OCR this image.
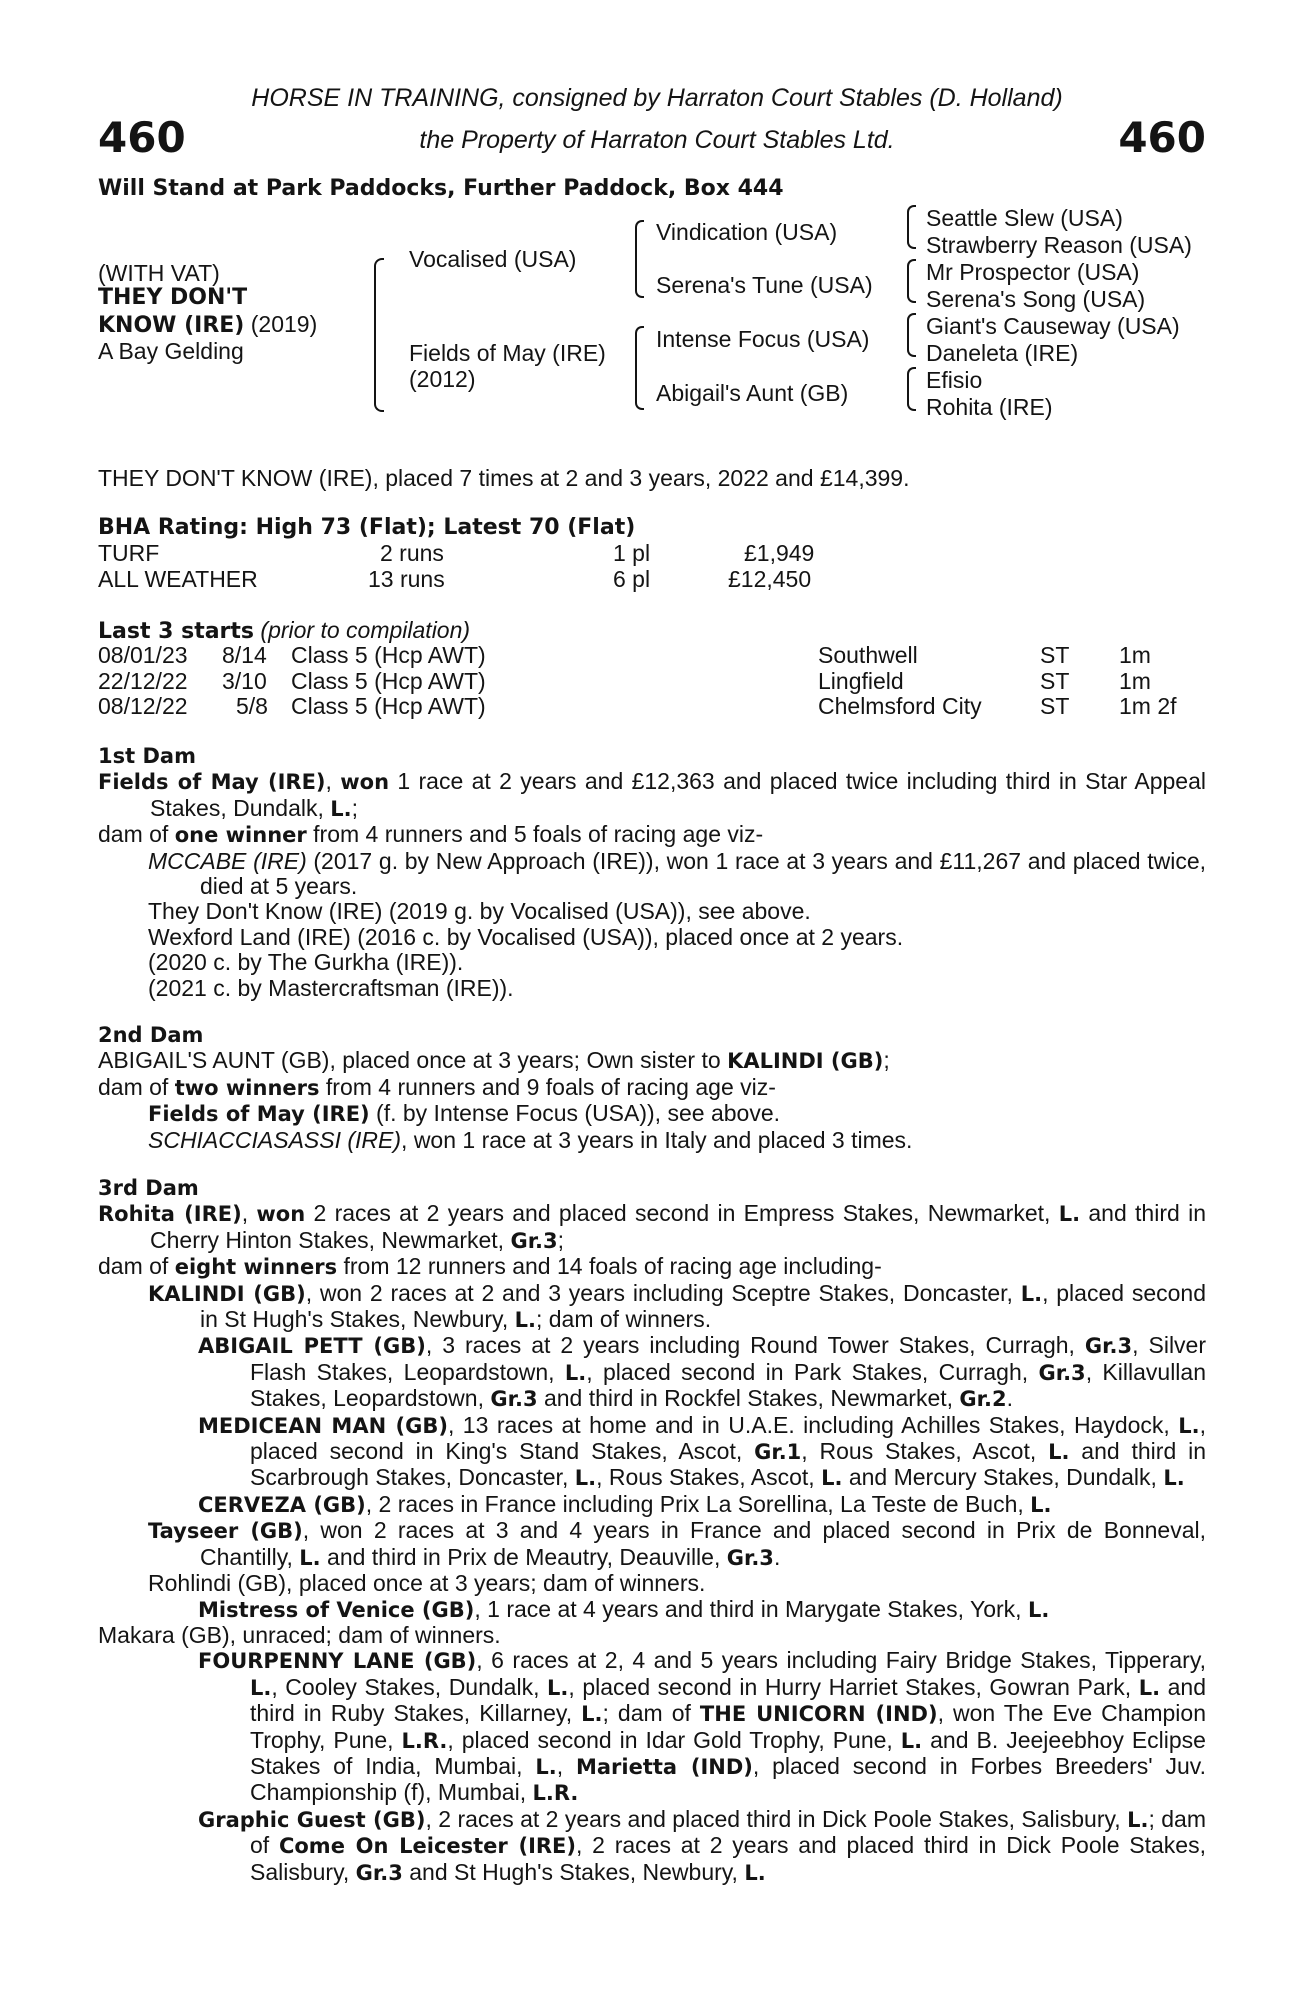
460	460
HORSE IN TRAINING, consigned by Harraton Court Stables (D. Holland)
the Property of Harraton Court Stables Ltd.
Will Stand at Park Paddocks, Further Paddock, Box 444
(WITH VAT)
THEY DON'T
KNOW (IRE) (2019)
A Bay Gelding
Vocalised (USA)
Fields of May (IRE)
(2012)
Vindication (USA)
Serena's Tune (USA)
Intense Focus (USA)
Abigail's Aunt (GB)
Seattle Slew (USA)
Strawberry Reason (USA)
Mr Prospector (USA)
Serena's Song (USA)
Giant's Causeway (USA)
Daneleta (IRE)
Efisio
Rohita (IRE)
THEY DON'T KNOW (IRE), placed 7 times at 2 and 3 years, 2022 and £14,399.
BHA Rating: High 73 (Flat); Latest 70 (Flat)
TURF	2 runs	1 pl	£1,949
ALL WEATHER	13 runs	6 pl	£12,450
Last 3 starts (prior to compilation)
08/01/23 8/14 Class 5 (Hcp AWT)	Southwell	ST 1m
22/12/22 3/10 Class 5 (Hcp AWT)	Lingfield	ST 1m
08/12/22 5/8 Class 5 (Hcp AWT)	Chelmsford City	ST 1m 2f

1st Dam

Fields of May (IRE), won 1 race at 2 years and £12,363 and placed twice including third in Star Appeal Stakes, Dundalk, L.;

dam of one winner from 4 runners and 5 foals of racing age viz-

MCCABE (IRE) (2017 g. by New Approach (IRE)), won 1 race at 3 years and £11,267 and placed twice, died at 5 years.

They Don't Know (IRE) (2019 g. by Vocalised (USA)), see above.

Wexford Land (IRE) (2016 c. by Vocalised (USA)), placed once at 2 years.

(2020 c. by The Gurkha (IRE)).

(2021 c. by Mastercraftsman (IRE)).

2nd Dam

ABIGAIL'S AUNT (GB), placed once at 3 years; Own sister to KALINDI (GB);

dam of two winners from 4 runners and 9 foals of racing age viz-

Fields of May (IRE) (f. by Intense Focus (USA)), see above.

SCHIACCIASASSI (IRE), won 1 race at 3 years in Italy and placed 3 times.

3rd Dam

Rohita (IRE), won 2 races at 2 years and placed second in Empress Stakes, Newmarket, L. and third in Cherry Hinton Stakes, Newmarket, Gr.3;

dam of eight winners from 12 runners and 14 foals of racing age including-

KALINDI (GB), won 2 races at 2 and 3 years including Sceptre Stakes, Doncaster, L., placed second in St Hugh's Stakes, Newbury, L.; dam of winners.

ABIGAIL PETT (GB), 3 races at 2 years including Round Tower Stakes, Curragh, Gr.3, Silver Flash Stakes, Leopardstown, L., placed second in Park Stakes, Curragh, Gr.3, Killavullan Stakes, Leopardstown, Gr.3 and third in Rockfel Stakes, Newmarket, Gr.2.

MEDICEAN MAN (GB), 13 races at home and in U.A.E. including Achilles Stakes, Haydock, L., placed second in King's Stand Stakes, Ascot, Gr.1, Rous Stakes, Ascot, L. and third in Scarbrough Stakes, Doncaster, L., Rous Stakes, Ascot, L. and Mercury Stakes, Dundalk, L.

CERVEZA (GB), 2 races in France including Prix La Sorellina, La Teste de Buch, L.

Tayseer (GB), won 2 races at 3 and 4 years in France and placed second in Prix de Bonneval, Chantilly, L. and third in Prix de Meautry, Deauville, Gr.3.

Rohlindi (GB), placed once at 3 years; dam of winners.

Mistress of Venice (GB), 1 race at 4 years and third in Marygate Stakes, York, L.

Makara (GB), unraced; dam of winners.

FOURPENNY LANE (GB), 6 races at 2, 4 and 5 years including Fairy Bridge Stakes, Tipperary, L., Cooley Stakes, Dundalk, L., placed second in Hurry Harriet Stakes, Gowran Park, L. and third in Ruby Stakes, Killarney, L.; dam of THE UNICORN (IND), won The Eve Champion Trophy, Pune, L.R., placed second in Idar Gold Trophy, Pune, L. and B. Jeejeebhoy Eclipse Stakes of India, Mumbai, L., Marietta (IND), placed second in Forbes Breeders' Juv. Championship (f), Mumbai, L.R.

Graphic Guest (GB), 2 races at 2 years and placed third in Dick Poole Stakes, Salisbury, L.; dam of Come On Leicester (IRE), 2 races at 2 years and placed third in Dick Poole Stakes, Salisbury, Gr.3 and St Hugh's Stakes, Newbury, L.
